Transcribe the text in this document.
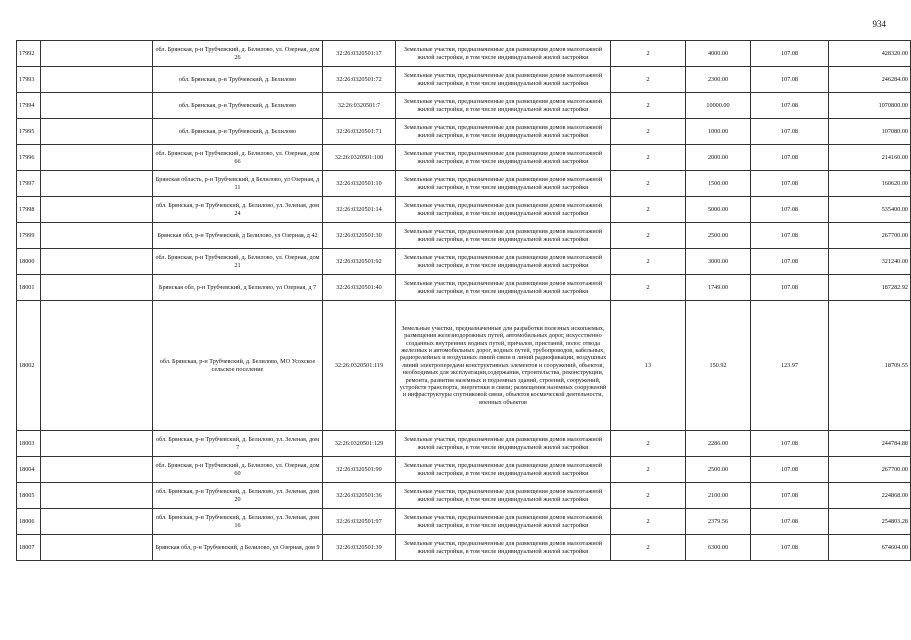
934
17992		обл. Брянская, р-н Трубчевский, д. Белилово, ул. Озерная, дом 26	32:26:0320501:17	Земельные участки, предназначенные для размещения домов малоэтажной жилой застройки, в том числе индивидуальной жилой застройки	2	4000.00	107.08	428320.00
17993		обл. Брянская, р-н Трубчевский, д. Белилово	32:26:0320501:72	Земельные участки, предназначенные для размещения домов малоэтажной жилой застройки, в том числе индивидуальной жилой застройки	2	2300.00	107.08	246284.00
17994		обл. Брянская, р-н Трубчевский, д. Белилово	32:26:0320501:7	Земельные участки, предназначенные для размещения домов малоэтажной жилой застройки, в том числе индивидуальной жилой застройки	2	10000.00	107.08	1070800.00
17995		обл. Брянская, р-н Трубчевский, д. Белилово	32:26:0320501:71	Земельные участки, предназначенные для размещения домов малоэтажной жилой застройки, в том числе индивидуальной жилой застройки	2	1000.00	107.08	107080.00
17996		обл. Брянская, р-н Трубчевский, д. Белилово, ул. Озерная, дом 66	32:26:0320501:100	Земельные участки, предназначенные для размещения домов малоэтажной жилой застройки, в том числе индивидуальной жилой застройки	2	2000.00	107.08	214160.00
17997		Брянская область, р-н Трубчевский, д Белилово, ул Озерная, д 11	32:26:0320501:10	Земельные участки, предназначенные для размещения домов малоэтажной жилой застройки, в том числе индивидуальной жилой застройки	2	1500.00	107.08	160620.00
17998		обл. Брянская, р-н Трубчевский, д. Белилово, ул. Зеленая, дом 24	32:26:0320501:14	Земельные участки, предназначенные для размещения домов малоэтажной жилой застройки, в том числе индивидуальной жилой застройки	2	5000.00	107.08	535400.00
17999		Брянская обл, р-н Трубчевский, д Белилово, ул Озерная, д 42	32:26:0320501:30	Земельные участки, предназначенные для размещения домов малоэтажной жилой застройки, в том числе индивидуальной жилой застройки	2	2500.00	107.08	267700.00
18000		обл. Брянская, р-н Трубчевский, д. Белилово, ул. Озерная, дом 21	32:26:0320501:92	Земельные участки, предназначенные для размещения домов малоэтажной жилой застройки, в том числе индивидуальной жилой застройки	2	3000.00	107.08	321240.00
18001		Брянская обл, р-н Трубчевский, д Белилово, ул Озерная, д 7	32:26:0320501:40	Земельные участки, предназначенные для размещения домов малоэтажной жилой застройки, в том числе индивидуальной жилой застройки	2	1749.00	107.08	187282.92
18002		обл. Брянская, р-н Трубчевский, д. Белилово, МО Усохское сельское поселение	32:26:0320501:119	Земельные участки, предназначенные для разработки полезных ископаемых, размещения железнодорожных путей, автомобильных дорог, искусственно созданных внутренних водных путей, причалов, пристаней, полос отвода железных и автомобильных дорог, водных путей, трубопроводов, кабельных, радиорелейных и воздушных линий связи и линий радиофикации, воздушных линий электропередачи конструктивных элементов и сооружений, объектов, необходимых для эксплуатации,содержания, строительства, реконструкции, ремонта, развития наземных и подземных зданий, строений, сооружений, устройств транспорта, энергетики и связи; размещения наземных сооружений и инфраструктуры спутниковой связи, объектов космической деятельности, военных объектов	13	150.92	123.97	18709.55
18003		обл. Брянская, р-н Трубчевский, д. Белилово, ул. Зеленая, дом 7	32:26:0320501:129	Земельные участки, предназначенные для размещения домов малоэтажной жилой застройки, в том числе индивидуальной жилой застройки	2	2286.00	107.08	244784.88
18004		обл. Брянская, р-н Трубчевский, д. Белилово, ул. Озерная, дом 60	32:26:0320501:99	Земельные участки, предназначенные для размещения домов малоэтажной жилой застройки, в том числе индивидуальной жилой застройки	2	2500.00	107.08	267700.00
18005		обл. Брянская, р-н Трубчевский, д. Белилово, ул. Зеленая, дом 20	32:26:0320501:36	Земельные участки, предназначенные для размещения домов малоэтажной жилой застройки, в том числе индивидуальной жилой застройки	2	2100.00	107.08	224868.00
18006		обл. Брянская, р-н Трубчевский, д. Белилово, ул. Зеленая, дом 16	32:26:0320501:97	Земельные участки, предназначенные для размещения домов малоэтажной жилой застройки, в том числе индивидуальной жилой застройки	2	2379.56	107.08	254803.28
18007		Брянская обл, р-н Трубчевский, д Белилово, ул Озерная, дом 9	32:26:0320501:39	Земельные участки, предназначенные для размещения домов малоэтажной жилой застройки, в том числе индивидуальной жилой застройки	2	6300.00	107.08	674604.00
